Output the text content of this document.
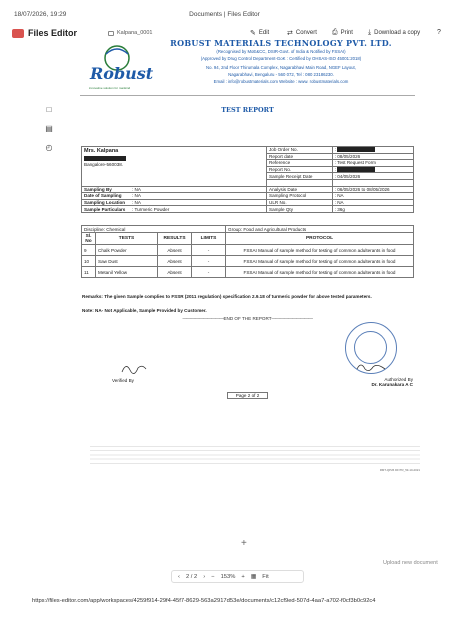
18/07/2026, 19:29	Documents | Files Editor
Files Editor	Kalpana_0001	✎ Edit	⇄ Convert ⎙ Print ⤓ Download a copy ?
□
▤
◴
Robust
innovative solution for mankind
ROBUST MATERIALS TECHNOLOGY PVT. LTD.
(Recognised by MoE&CC, DSIR-Govt. of India & Notified by FSSAI)
(Approved by Drug Control Department-GoK : Certified by OHSAS-ISO 45001:2018)
No. 94, 2nd Floor Thirumala Complex, Nagarabhavi Main Road, NGEF Layout,
Nagarabhavi, Bengaluru - 560 072, Tel : 080 23186230.
Email : info@robustmaterials.com Website : www. robustmaterials.com
TEST REPORT
Mrs. Kalpana
Bangalore-560038.	Job Order No.	:
	Report date	: 08/05/2026
	Reference	: Test Request Form
	Report No.	:
	Sample Receipt Date	: 04/05/2026

Sampling By : NA	Analysis Date	: 06/05/2026 to 08/05/2026
Date of Sampling : NA	Sampling Protocol	: NA
Sampling Location : NA	ULR No.	: NA
Sample Particulars : Turmeric Powder	Sample Qty	: 36g
Discipline: Chemical				Group: Food and Agricultural Products
Sl. No	TESTS	RESULTS	LIMITS	PROTOCOL
9	Chalk Powder	Absent	-	FSSAI Manual of sample method for testing of common adulterants in food
10	Saw Dust	Absent	-	FSSAI Manual of sample method for testing of common adulterants in food
11	Metanil Yellow	Absent	-	FSSAI Manual of sample method for testing of common adulterants in food
Remarks: The given Sample complies to FSSR (2011 regulation) specification 2.9.18 of turmeric powder for above tested parameters.
Note: NA- Not Applicable, Sample Provided by Customer.
——————————END OF THE REPORT——————————
Verified By	Authorized By
Dr. Karunakara A C
Page 2 of 2
RMT-QP26 DF/TR_53-10-2021
+
Upload new document
‹ 2 / 2 › − 153% + ▦ Fit
https://files-editor.com/app/workspaces/4259f914-29f4-45f7-8629-563a2917d53e/documents/c12cf9ed-507d-4aa7-a702-f0cf3b0c92c4
